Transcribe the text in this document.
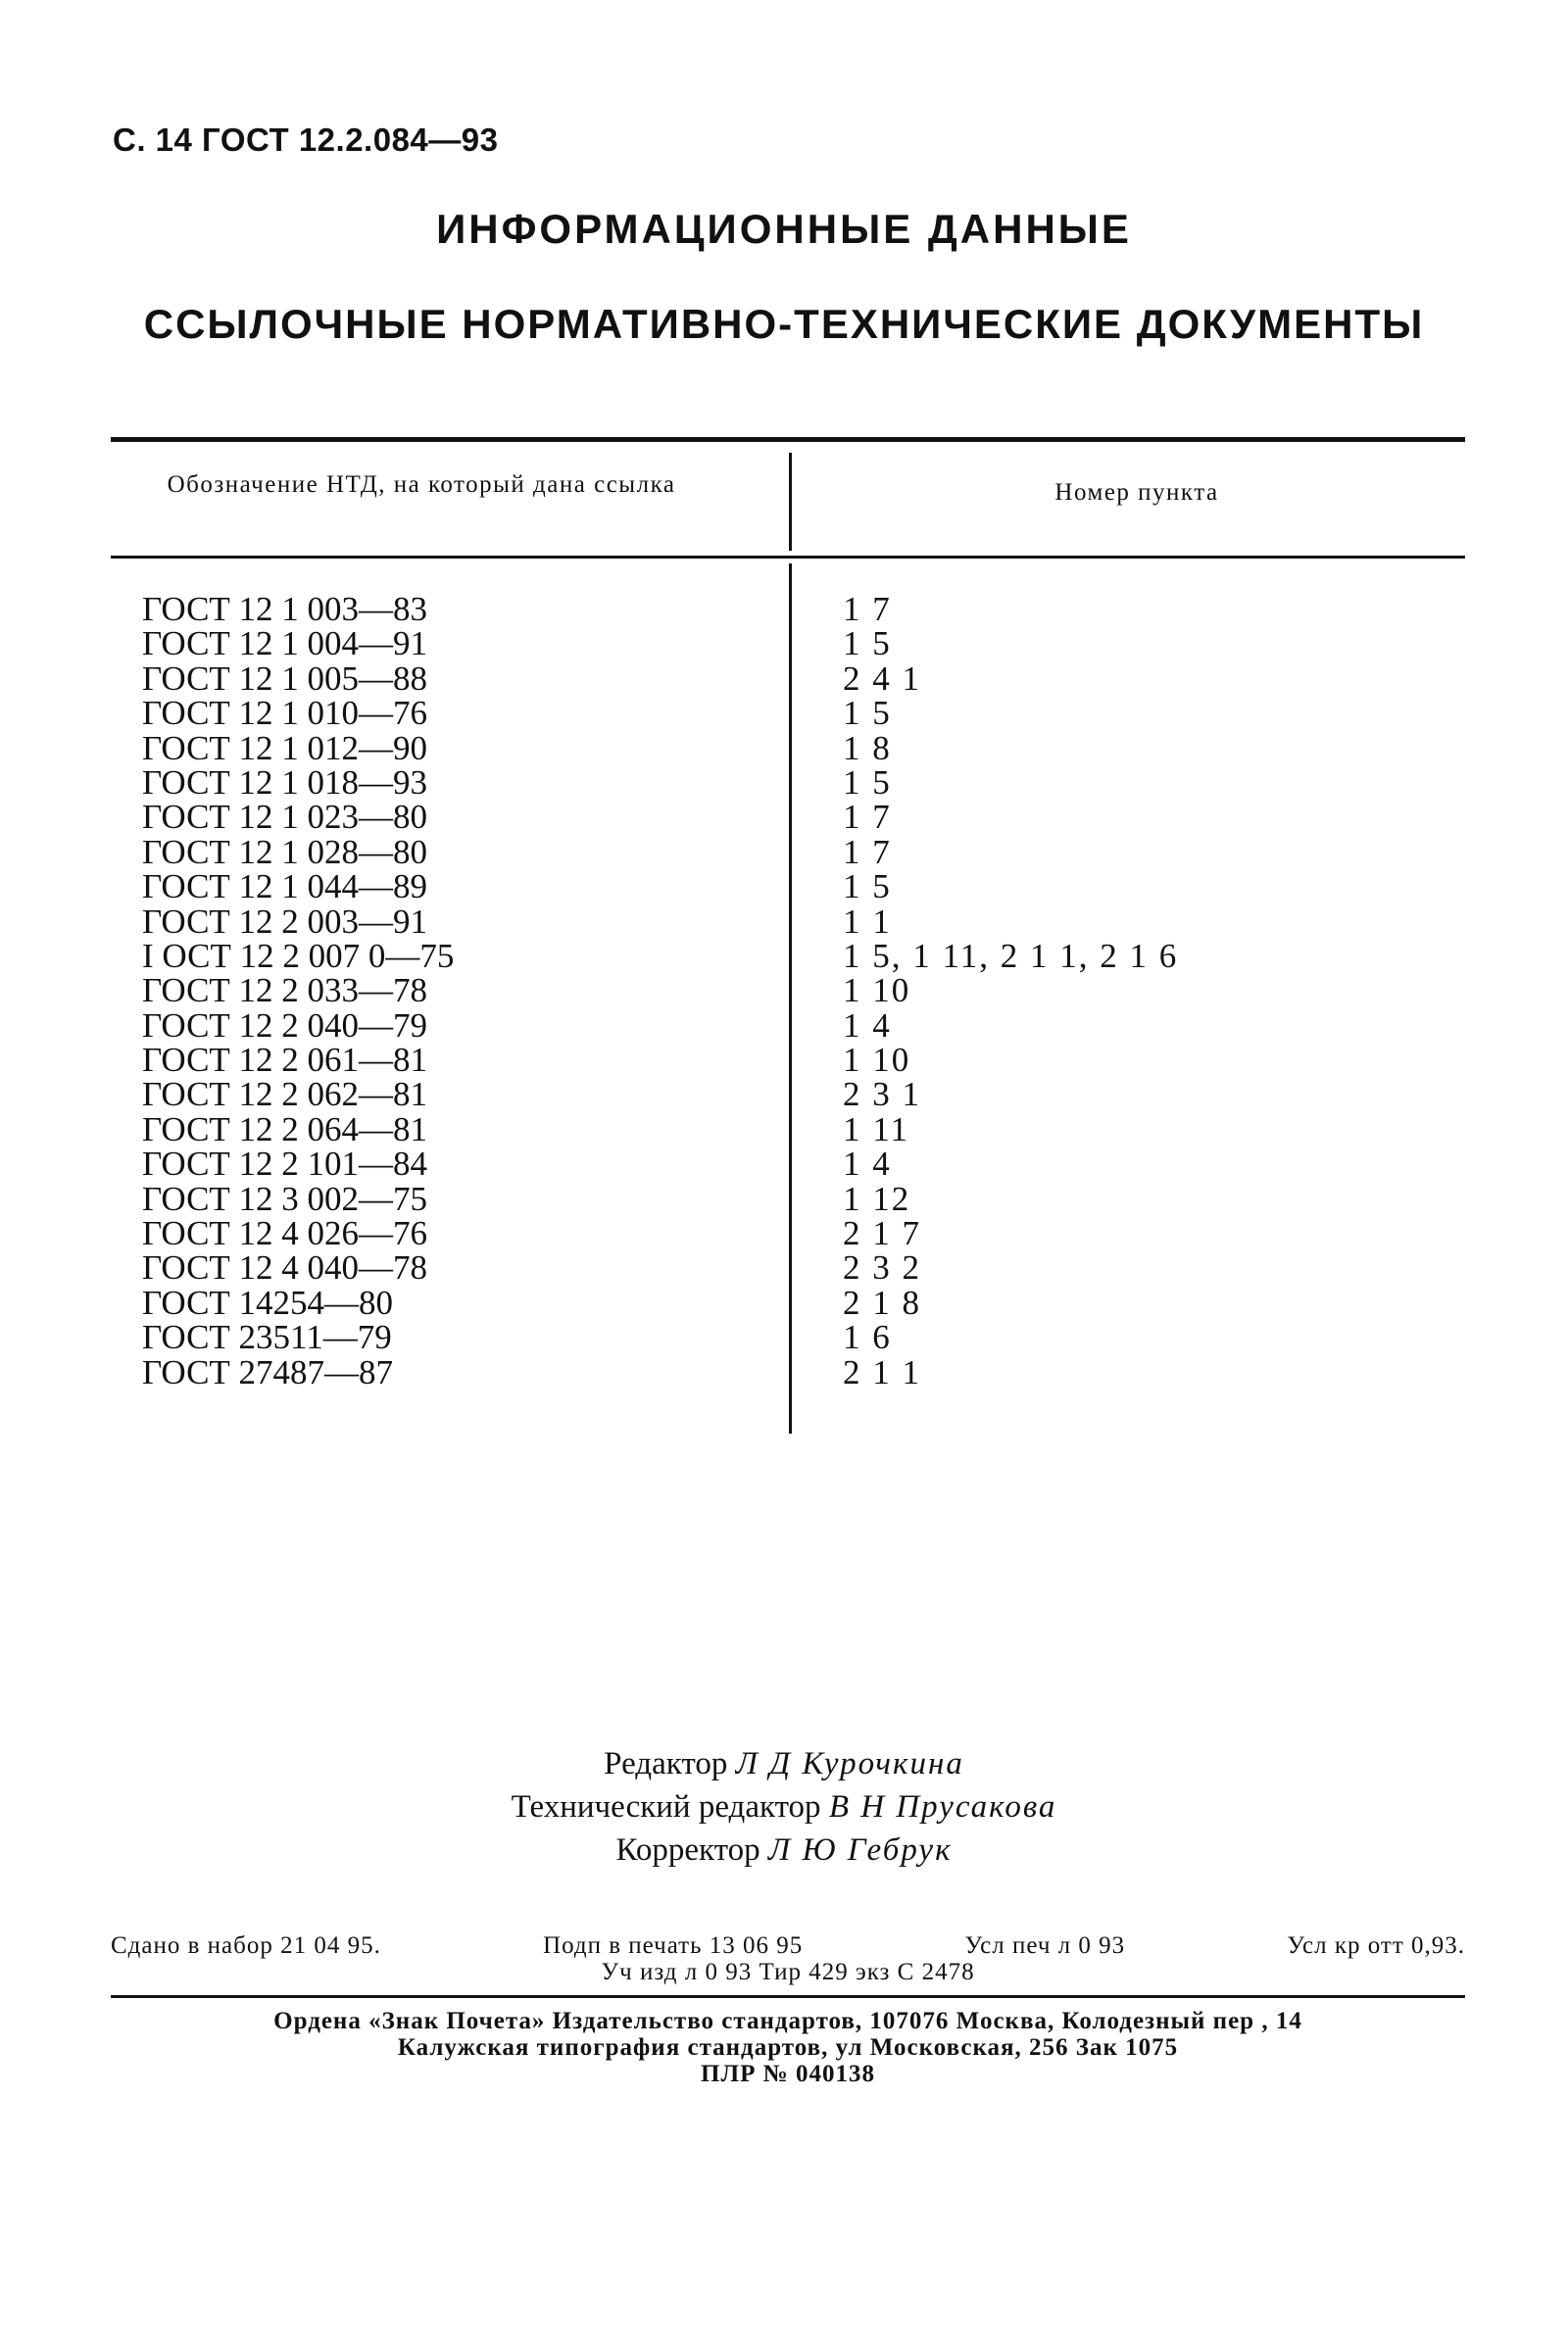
С. 14 ГОСТ 12.2.084—93
ИНФОРМАЦИОННЫЕ ДАННЫЕ
ССЫЛОЧНЫЕ НОРМАТИВНО-ТЕХНИЧЕСКИЕ ДОКУМЕНТЫ
Обозначение НТД, на который дана ссылка	Номер пункта
ГОСТ 12 1 003—83	1 7
ГОСТ 12 1 004—91	1 5
ГОСТ 12 1 005—88	2 4 1
ГОСТ 12 1 010—76	1 5
ГОСТ 12 1 012—90	1 8
ГОСТ 12 1 018—93	1 5
ГОСТ 12 1 023—80	1 7
ГОСТ 12 1 028—80	1 7
ГОСТ 12 1 044—89	1 5
ГОСТ 12 2 003—91	1 1
I ОСТ 12 2 007 0—75	1 5, 1 11, 2 1 1, 2 1 6
ГОСТ 12 2 033—78	1 10
ГОСТ 12 2 040—79	1 4
ГОСТ 12 2 061—81	1 10
ГОСТ 12 2 062—81	2 3 1
ГОСТ 12 2 064—81	1 11
ГОСТ 12 2 101—84	1 4
ГОСТ 12 3 002—75	1 12
ГОСТ 12 4 026—76	2 1 7
ГОСТ 12 4 040—78	2 3 2
ГОСТ 14254—80	2 1 8
ГОСТ 23511—79	1 6
ГОСТ 27487—87	2 1 1
Редактор Л Д Курочкина
Технический редактор В Н Прусакова
Корректор Л Ю Гебрук
Сдано в набор 21 04 95.	Подп в печать 13 06 95	Усл печ л 0 93	Усл кр отт 0,93.
Уч изд л 0 93 Тир 429 экз С 2478
Ордена «Знак Почета» Издательство стандартов, 107076 Москва, Колодезный пер , 14
Калужская типография стандартов, ул Московская, 256 Зак 1075
ПЛР № 040138
